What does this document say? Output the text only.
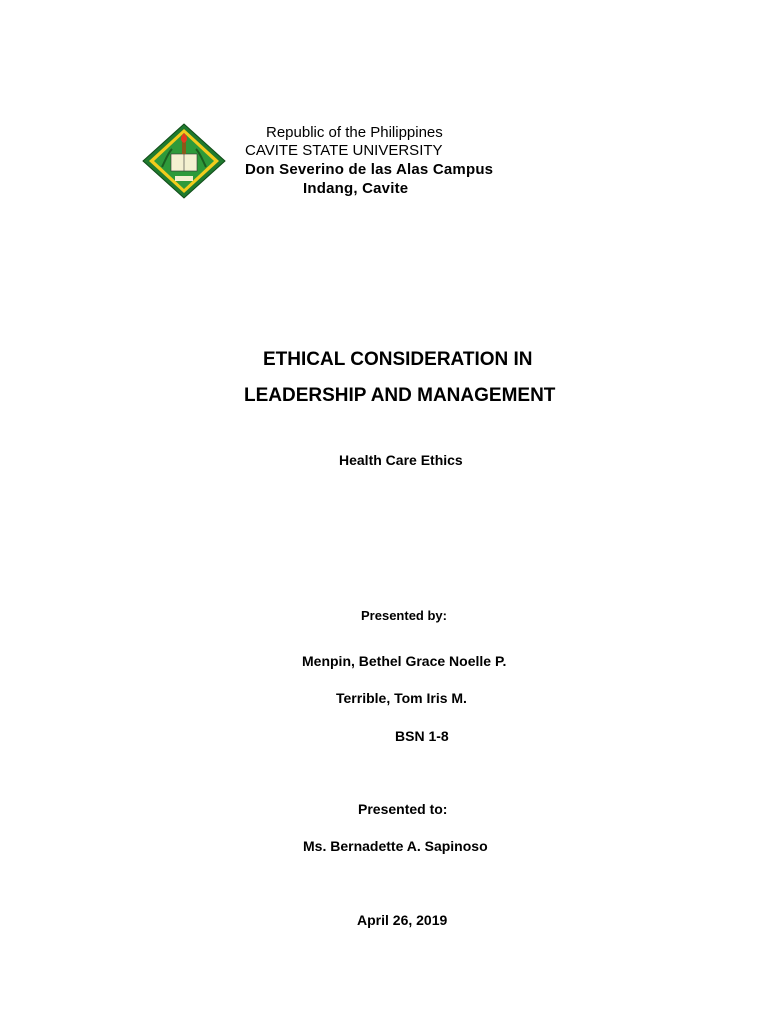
Republic of the Philippines
CAVITE STATE UNIVERSITY
Don Severino de las Alas Campus
Indang, Cavite
ETHICAL CONSIDERATION IN
LEADERSHIP AND MANAGEMENT
Health Care Ethics
Presented by:
Menpin, Bethel Grace Noelle P.
Terrible, Tom Iris M.
BSN 1-8
Presented to:
Ms. Bernadette A. Sapinoso
April 26, 2019
